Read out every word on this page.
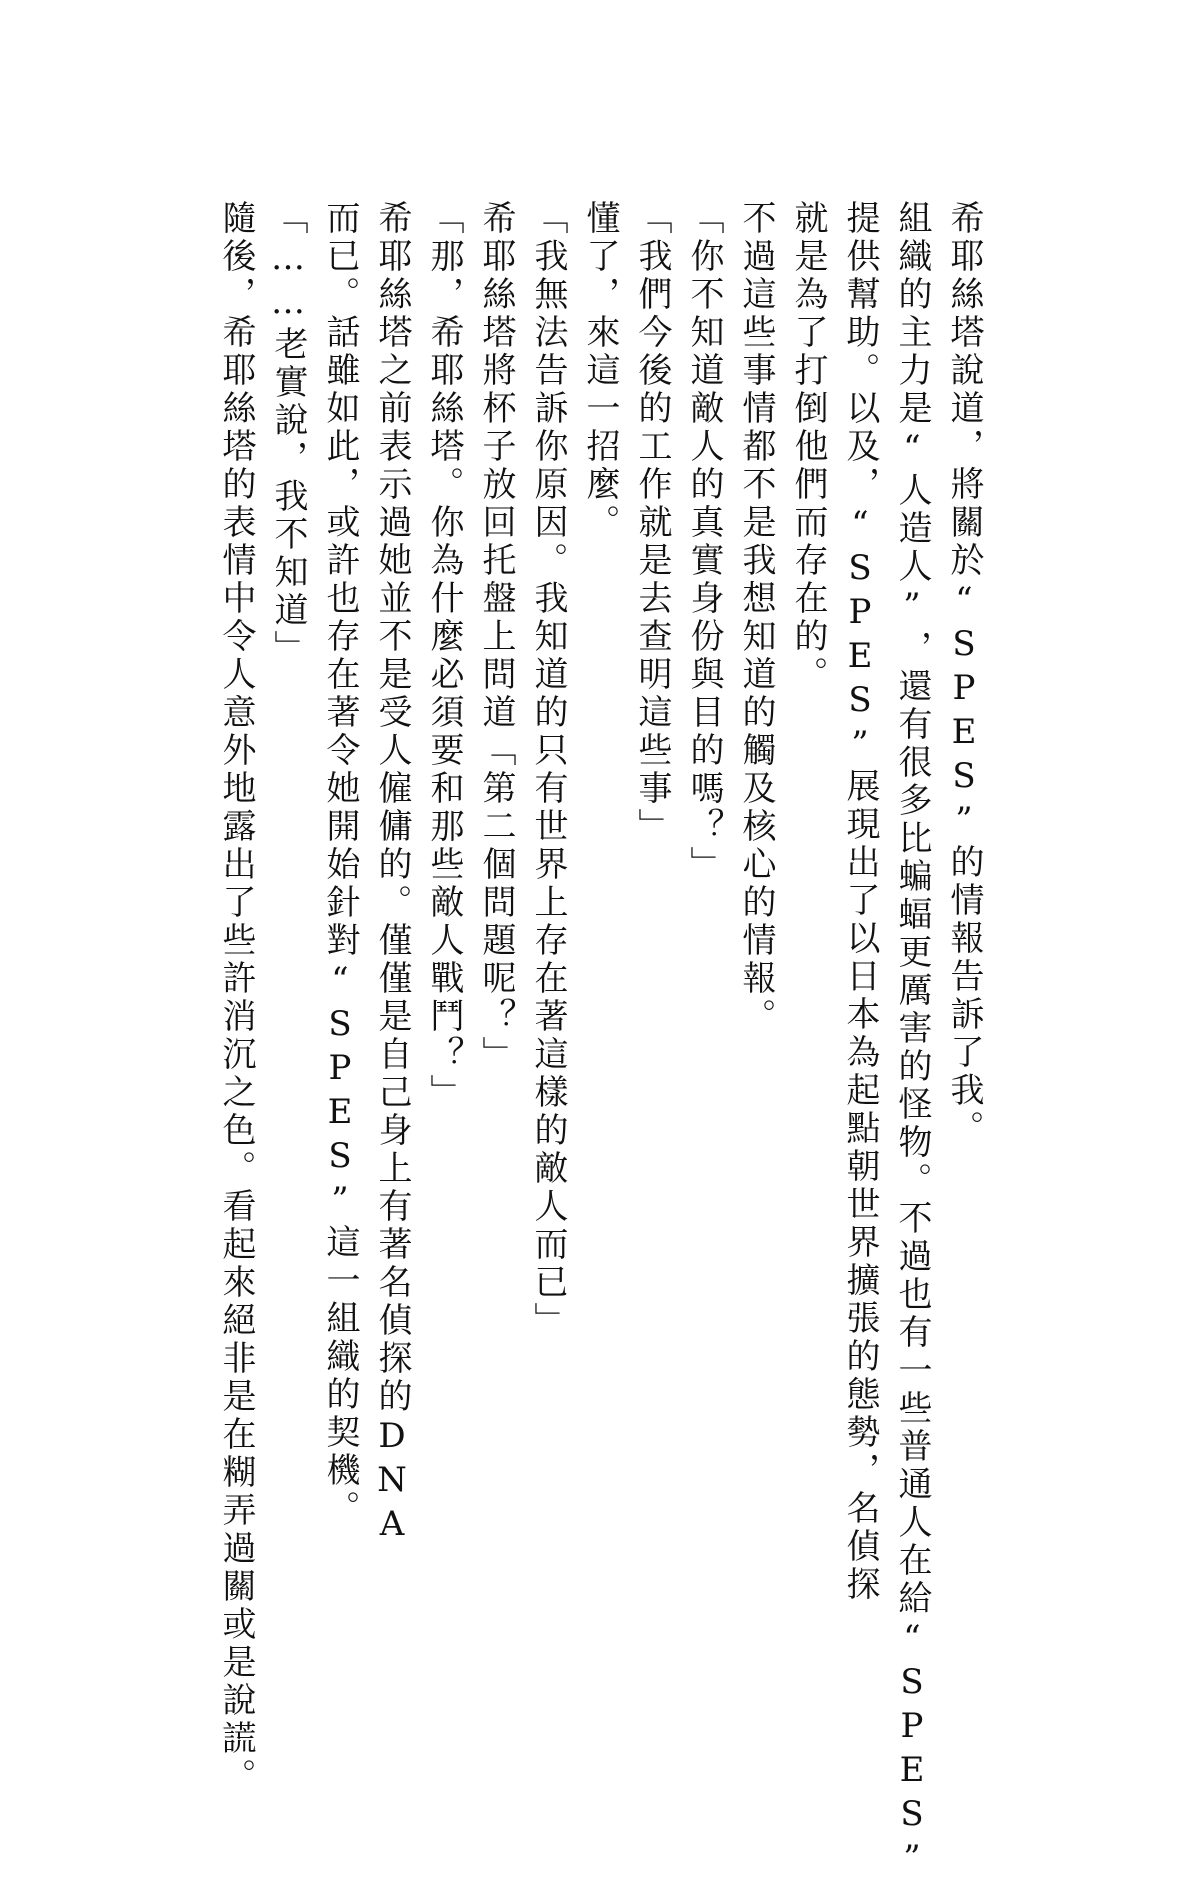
希耶絲塔說道，將關於“SPES”的情報告訴了我。
組織的主力是“人造人”，還有很多比蝙蝠更厲害的怪物。不過也有一些普通人在給“SPES”
提供幫助。以及，“SPES”展現出了以日本為起點朝世界擴張的態勢，名偵探
就是為了打倒他們而存在的。
不過這些事情都不是我想知道的觸及核心的情報。
「你不知道敵人的真實身份與目的嗎？」
「我們今後的工作就是去查明這些事」
懂了，來這一招麼。
「我無法告訴你原因。我知道的只有世界上存在著這樣的敵人而已」
希耶絲塔將杯子放回托盤上問道「第二個問題呢？」
「那，希耶絲塔。你為什麼必須要和那些敵人戰鬥？」
希耶絲塔之前表示過她並不是受人僱傭的。僅僅是自己身上有著名偵探的DNA
而已。話雖如此，或許也存在著令她開始針對“SPES”這一組織的契機。
「……老實說，我不知道」
隨後，希耶絲塔的表情中令人意外地露出了些許消沉之色。看起來絕非是在糊弄過關或是說謊。
